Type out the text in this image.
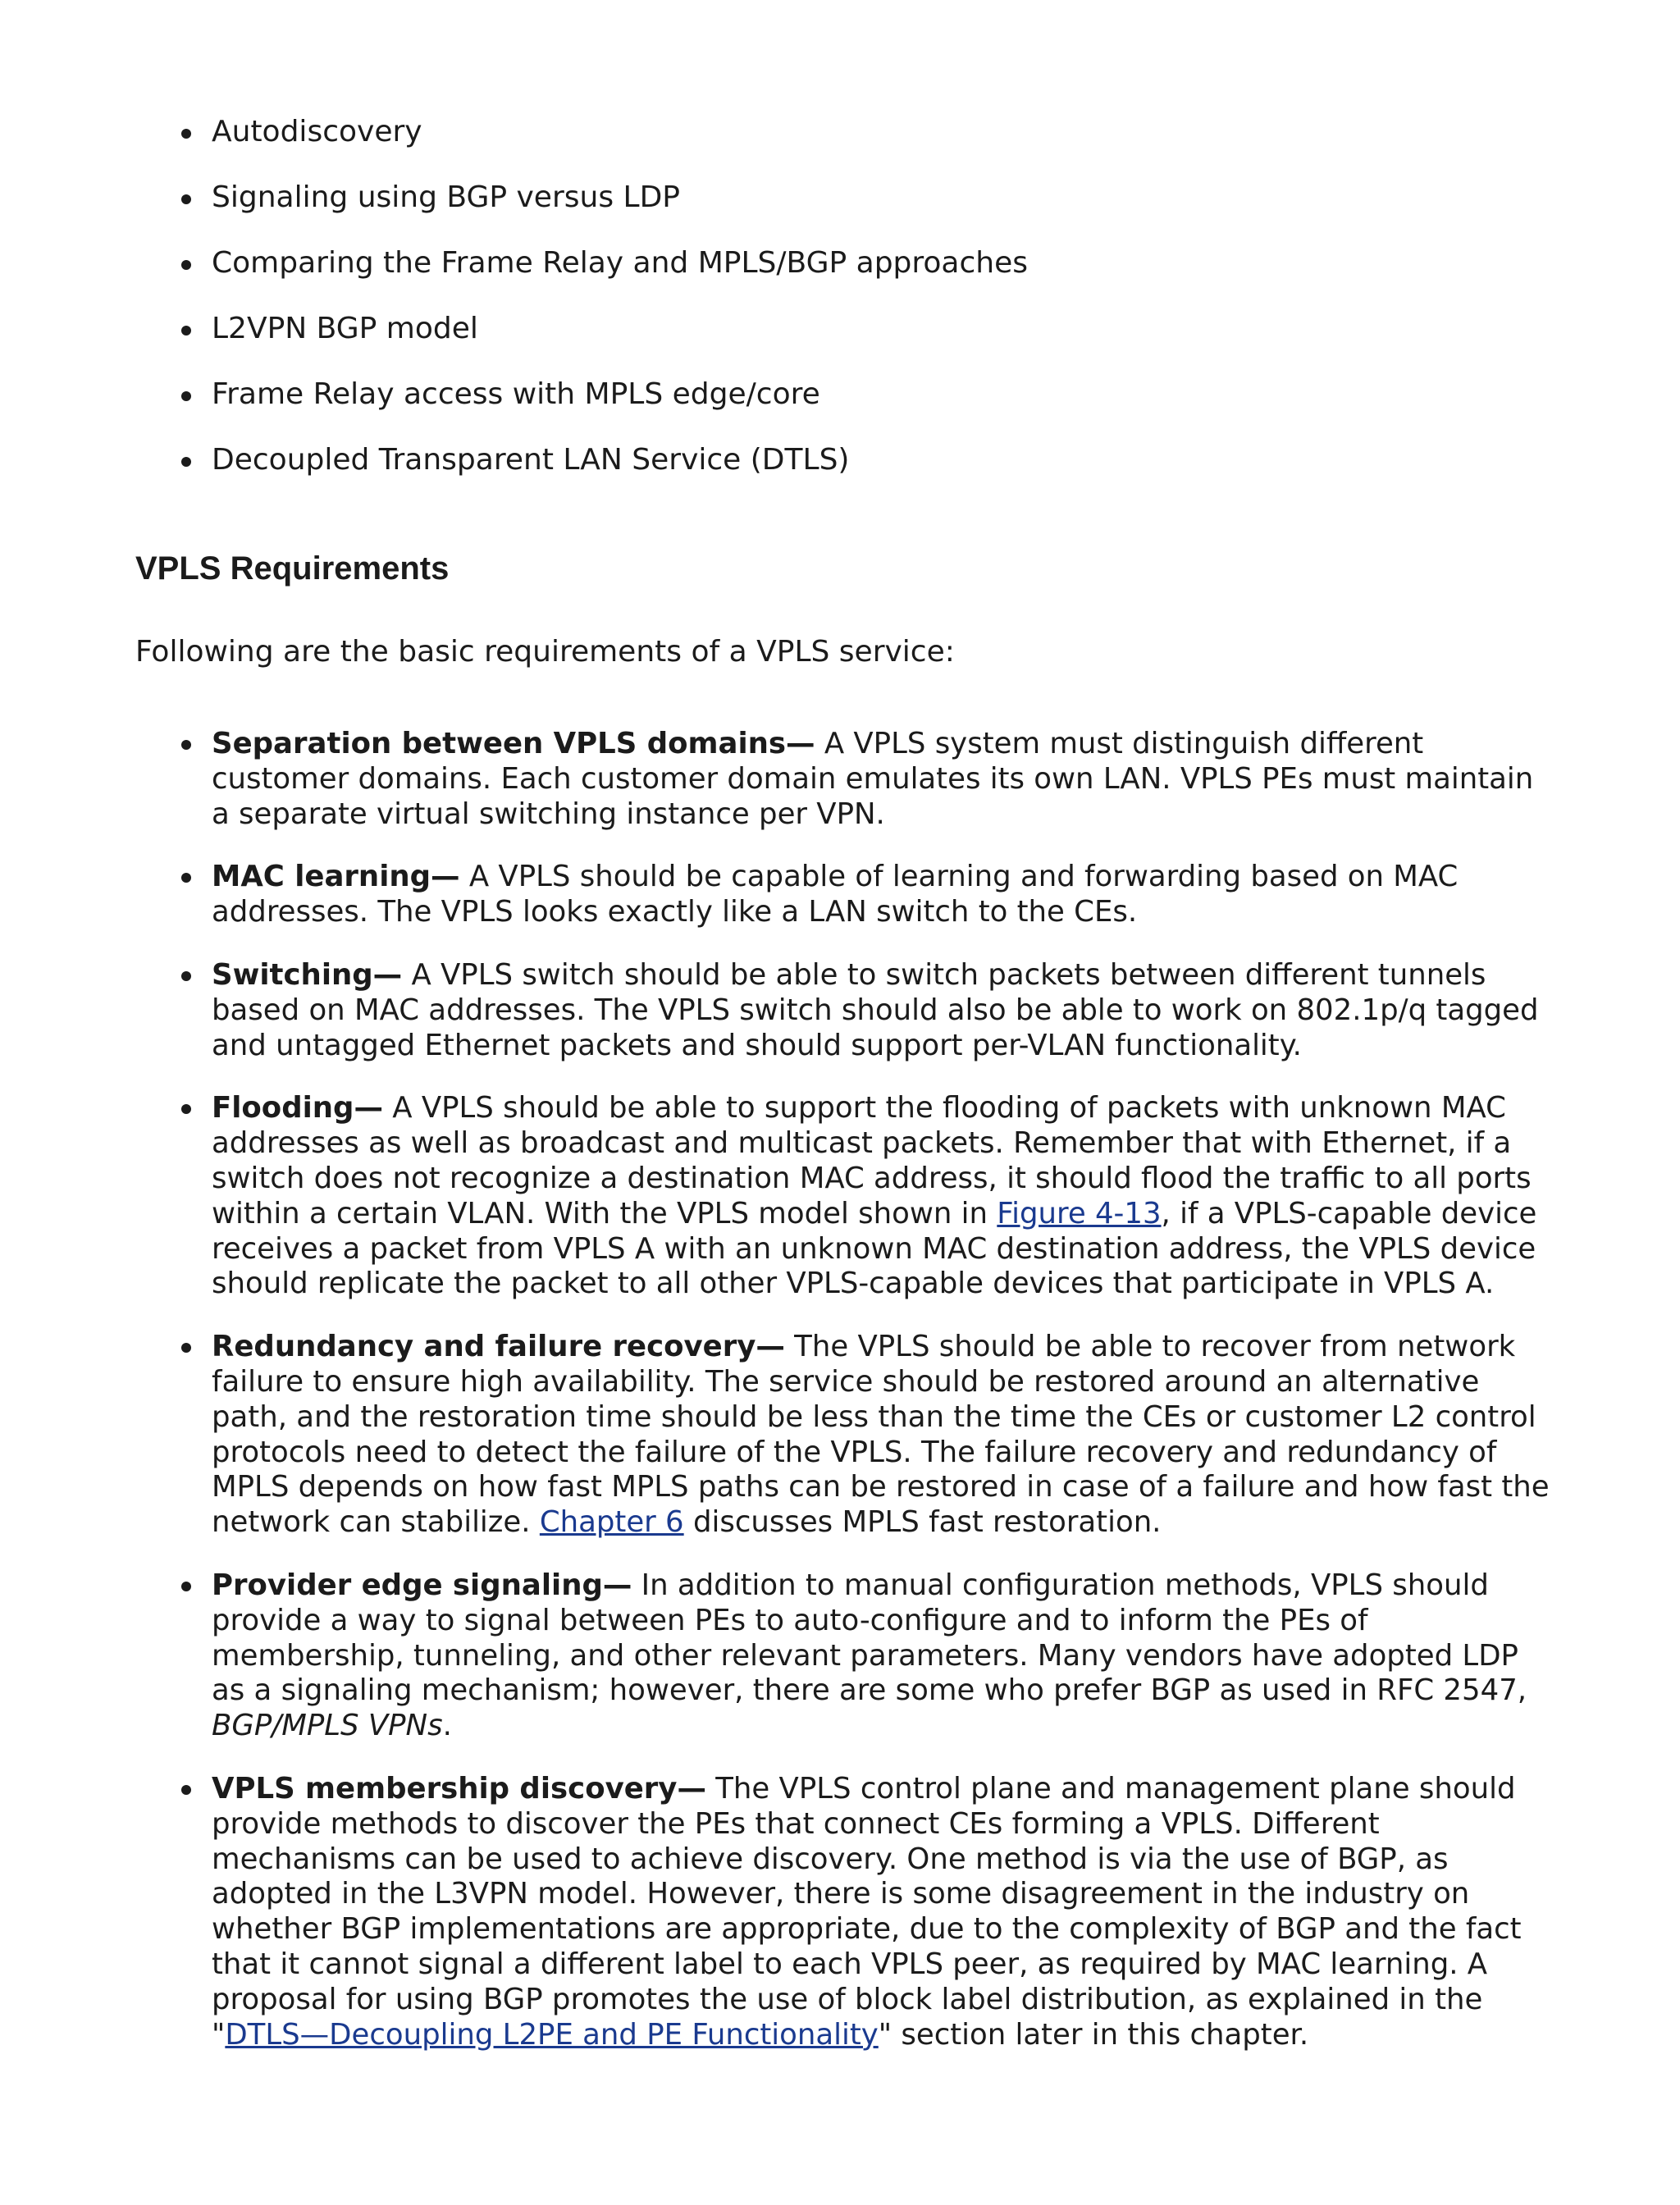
Autodiscovery
Signaling using BGP versus LDP
Comparing the Frame Relay and MPLS/BGP approaches
L2VPN BGP model
Frame Relay access with MPLS edge/core
Decoupled Transparent LAN Service (DTLS)
VPLS Requirements

Following are the basic requirements of a VPLS service:

Separation between VPLS domains— A VPLS system must distinguish different customer domains. Each customer domain emulates its own LAN. VPLS PEs must maintain a separate virtual switching instance per VPN.
MAC learning— A VPLS should be capable of learning and forwarding based on MAC addresses. The VPLS looks exactly like a LAN switch to the CEs.
Switching— A VPLS switch should be able to switch packets between different tunnels based on MAC addresses. The VPLS switch should also be able to work on 802.1p/q tagged and untagged Ethernet packets and should support per-VLAN functionality.
Flooding— A VPLS should be able to support the flooding of packets with unknown MAC addresses as well as broadcast and multicast packets. Remember that with Ethernet, if a switch does not recognize a destination MAC address, it should flood the traffic to all ports within a certain VLAN. With the VPLS model shown in Figure 4-13, if a VPLS-capable device receives a packet from VPLS A with an unknown MAC destination address, the VPLS device should replicate the packet to all other VPLS-capable devices that participate in VPLS A.
Redundancy and failure recovery— The VPLS should be able to recover from network failure to ensure high availability. The service should be restored around an alternative path, and the restoration time should be less than the time the CEs or customer L2 control protocols need to detect the failure of the VPLS. The failure recovery and redundancy of MPLS depends on how fast MPLS paths can be restored in case of a failure and how fast the network can stabilize. Chapter 6 discusses MPLS fast restoration.
Provider edge signaling— In addition to manual configuration methods, VPLS should provide a way to signal between PEs to auto-configure and to inform the PEs of membership, tunneling, and other relevant parameters. Many vendors have adopted LDP as a signaling mechanism; however, there are some who prefer BGP as used in RFC 2547, BGP/MPLS VPNs.
VPLS membership discovery— The VPLS control plane and management plane should provide methods to discover the PEs that connect CEs forming a VPLS. Different mechanisms can be used to achieve discovery. One method is via the use of BGP, as adopted in the L3VPN model. However, there is some disagreement in the industry on whether BGP implementations are appropriate, due to the complexity of BGP and the fact that it cannot signal a different label to each VPLS peer, as required by MAC learning. A proposal for using BGP promotes the use of block label distribution, as explained in the "DTLS—Decoupling L2PE and PE Functionality" section later in this chapter.
